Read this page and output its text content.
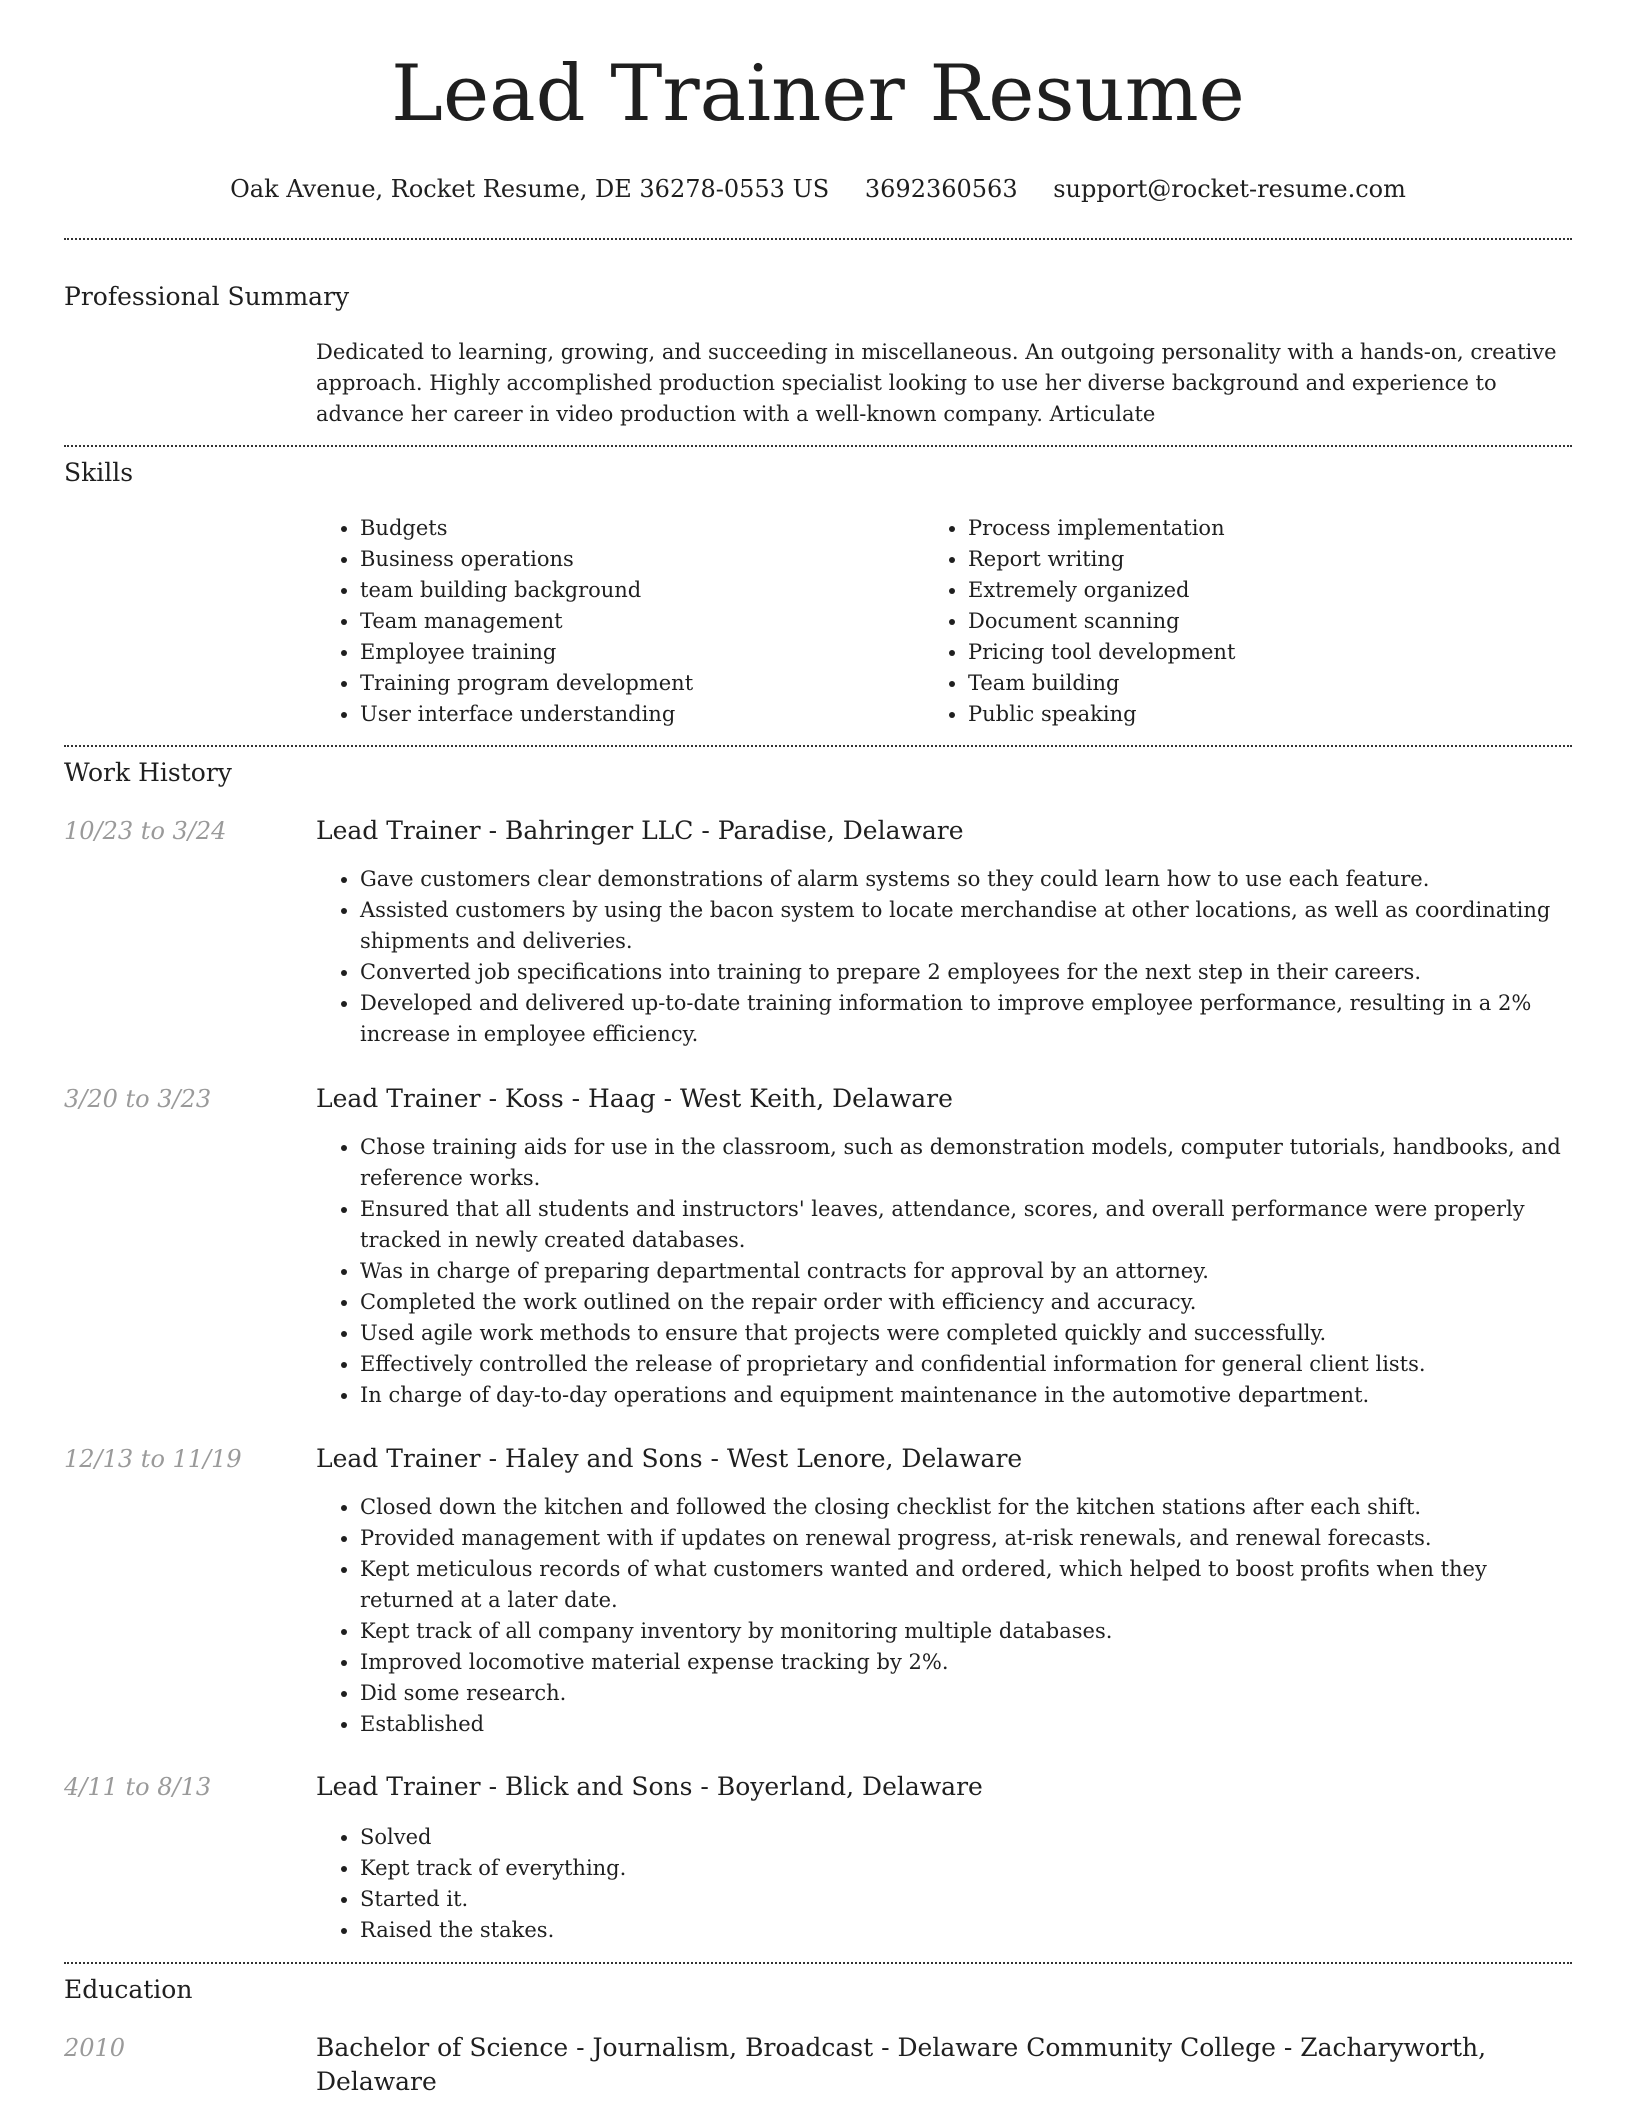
Lead Trainer Resume
Oak Avenue, Rocket Resume, DE 36278-0553 US 3692360563 support@rocket-resume.com
Professional Summary

Dedicated to learning, growing, and succeeding in miscellaneous. An outgoing personality with a hands-on, creative approach. Highly accomplished production specialist looking to use her diverse background and experience to advance her career in video production with a well-known company. Articulate

Skills
• Budgets
• Business operations
• team building background
• Team management
• Employee training
• Training program development
• User interface understanding
• Process implementation
• Report writing
• Extremely organized
• Document scanning
• Pricing tool development
• Team building
• Public speaking
Work History
10/23 to 3/24	Lead Trainer - Bahringer LLC - Paradise, Delaware
• Gave customers clear demonstrations of alarm systems so they could learn how to use each feature.
• Assisted customers by using the bacon system to locate merchandise at other locations, as well as coordinating shipments and deliveries.
• Converted job specifications into training to prepare 2 employees for the next step in their careers.
• Developed and delivered up-to-date training information to improve employee performance, resulting in a 2% increase in employee efficiency.
3/20 to 3/23	Lead Trainer - Koss - Haag - West Keith, Delaware
• Chose training aids for use in the classroom, such as demonstration models, computer tutorials, handbooks, and reference works.
• Ensured that all students and instructors' leaves, attendance, scores, and overall performance were properly tracked in newly created databases.
• Was in charge of preparing departmental contracts for approval by an attorney.
• Completed the work outlined on the repair order with efficiency and accuracy.
• Used agile work methods to ensure that projects were completed quickly and successfully.
• Effectively controlled the release of proprietary and confidential information for general client lists.
• In charge of day-to-day operations and equipment maintenance in the automotive department.
12/13 to 11/19	Lead Trainer - Haley and Sons - West Lenore, Delaware
• Closed down the kitchen and followed the closing checklist for the kitchen stations after each shift.
• Provided management with if updates on renewal progress, at-risk renewals, and renewal forecasts.
• Kept meticulous records of what customers wanted and ordered, which helped to boost profits when they returned at a later date.
• Kept track of all company inventory by monitoring multiple databases.
• Improved locomotive material expense tracking by 2%.
• Did some research.
• Established
4/11 to 8/13	Lead Trainer - Blick and Sons - Boyerland, Delaware
• Solved
• Kept track of everything.
• Started it.
• Raised the stakes.
Education
2010	Bachelor of Science - Journalism, Broadcast - Delaware Community College - Zacharyworth, Delaware
